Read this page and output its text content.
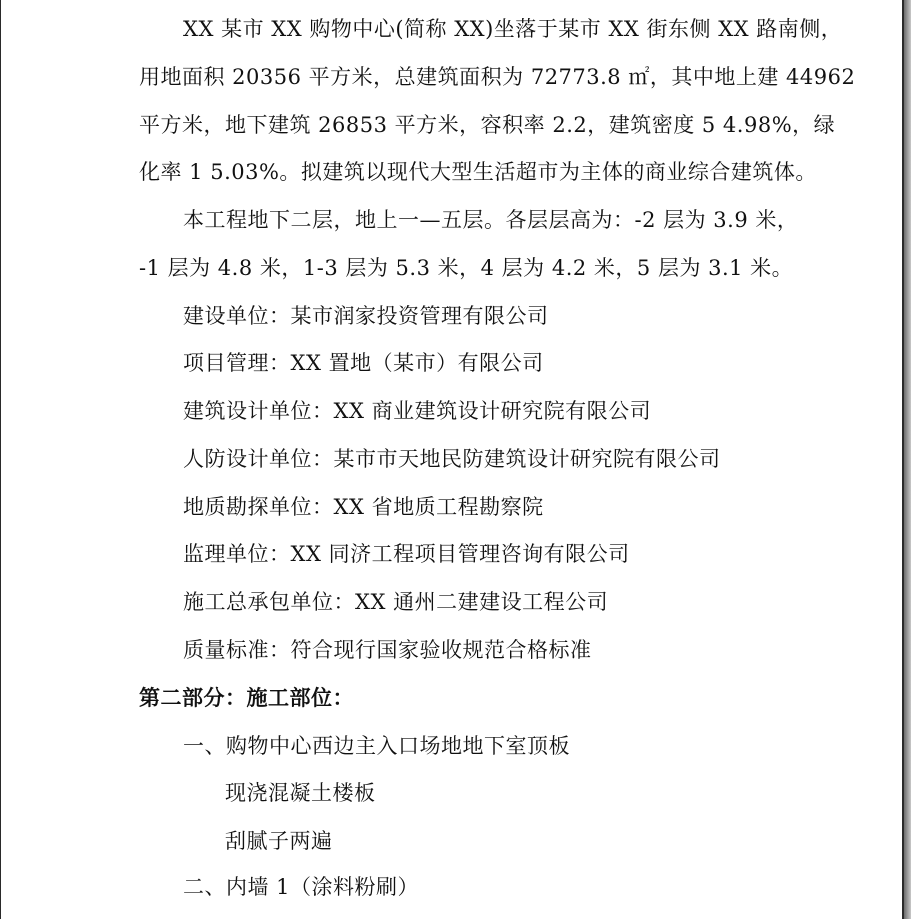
XX 某市 XX 购物中心(简称 XX)坐落于某市 XX 街东侧 XX 路南侧，
用地面积 20356 平方米，总建筑面积为 72773.8 ㎡，其中地上建 44962
平方米，地下建筑 26853 平方米，容积率 2.2，建筑密度 5 4.98%，绿
化率 1 5.03%。拟建筑以现代大型生活超市为主体的商业综合建筑体。
本工程地下二层，地上一—五层。各层层高为：-2 层为 3.9 米，
-1 层为 4.8 米，1-3 层为 5.3 米，4 层为 4.2 米，5 层为 3.1 米。
建设单位：某市润家投资管理有限公司
项目管理：XX 置地（某市）有限公司
建筑设计单位：XX 商业建筑设计研究院有限公司
人防设计单位：某市市天地民防建筑设计研究院有限公司
地质勘探单位：XX 省地质工程勘察院
监理单位：XX 同济工程项目管理咨询有限公司
施工总承包单位：XX 通州二建建设工程公司
质量标准：符合现行国家验收规范合格标准
第二部分：施工部位：
一、购物中心西边主入口场地地下室顶板
现浇混凝土楼板
刮腻子两遍
二、内墙 1（涂料粉刷）
